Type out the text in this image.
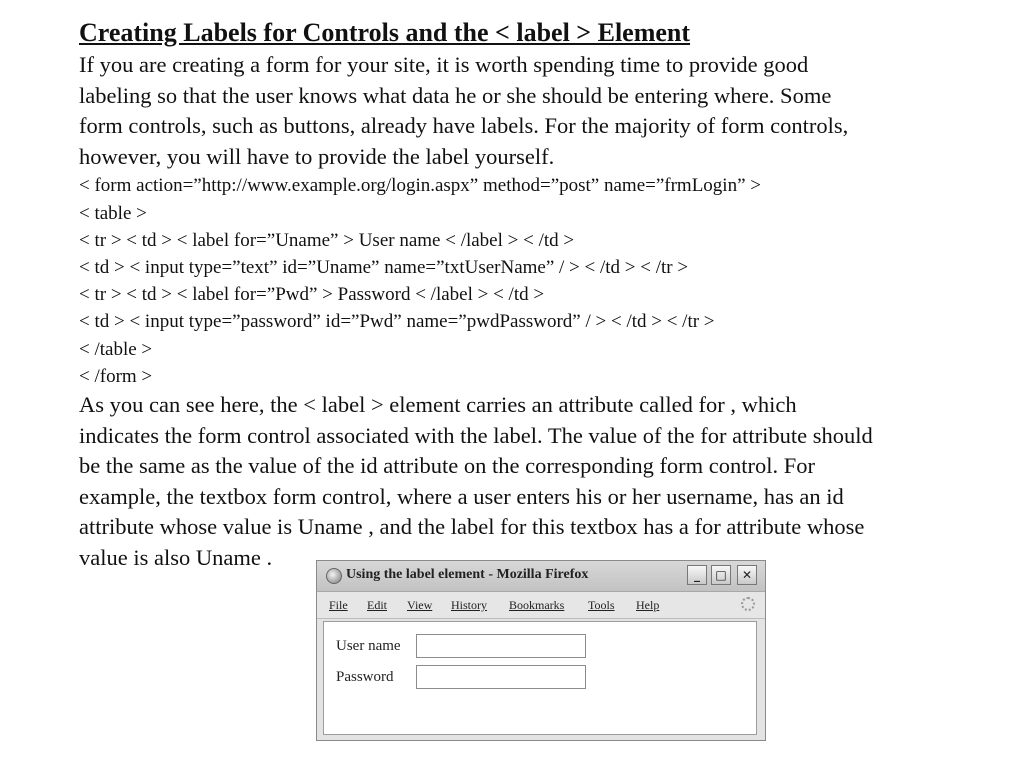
Creating Labels for Controls and the < label > Element

If you are creating a form for your site, it is worth spending time to provide good

labeling so that the user knows what data he or she should be entering where. Some

form controls, such as buttons, already have labels. For the majority of form controls,

however, you will have to provide the label yourself.

< form action=”http://www.example.org/login.aspx” method=”post” name=”frmLogin” >

< table >

< tr > < td > < label for=”Uname” > User name < /label > < /td >

< td > < input type=”text” id=”Uname” name=”txtUserName” / > < /td > < /tr >

< tr > < td > < label for=”Pwd” > Password < /label > < /td >

< td > < input type=”password” id=”Pwd” name=”pwdPassword” / > < /td > < /tr >

< /table >

< /form >

As you can see here, the < label > element carries an attribute called for , which

indicates the form control associated with the label. The value of the for attribute should

be the same as the value of the id attribute on the corresponding form control. For

example, the textbox form control, where a user enters his or her username, has an id

attribute whose value is Uname , and the label for this textbox has a for attribute whose

value is also Uname .

Using the label element - Mozilla Firefox	_	□	✕
File Edit View History Bookmarks Tools Help
User name
Password
